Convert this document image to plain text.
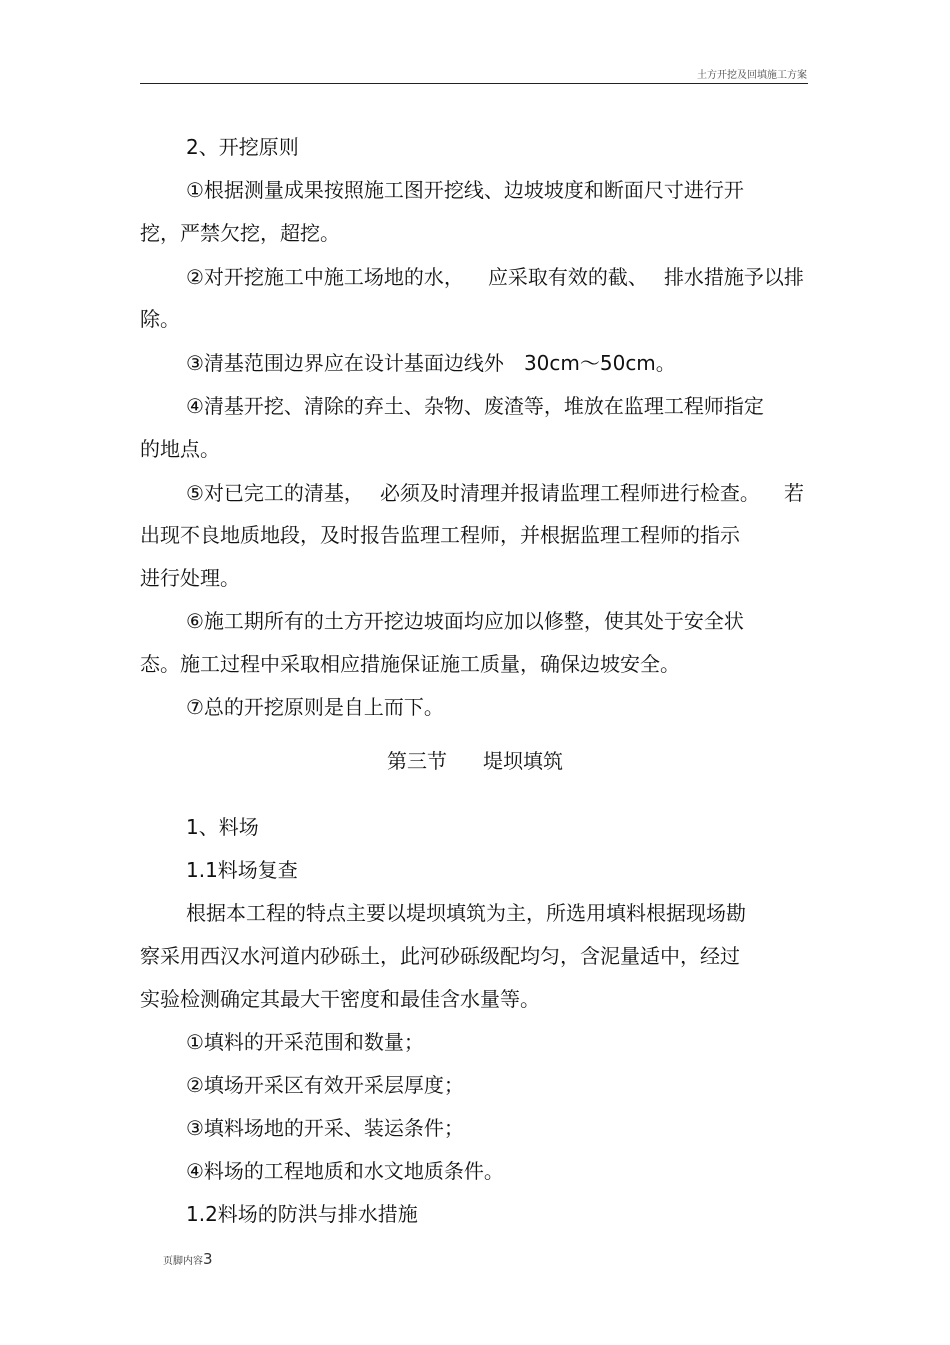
土方开挖及回填施工方案
2、开挖原则
①根据测量成果按照施工图开挖线、边坡坡度和断面尺寸进行开
挖，严禁欠挖，超挖。
②对开挖施工中施工场地的水， 应采取有效的截、 排水措施予以排
除。
③清基范围边界应在设计基面边线外 30cm～50cm。
④清基开挖、清除的弃土、杂物、废渣等，堆放在监理工程师指定
的地点。
⑤对已完工的清基， 必须及时清理并报请监理工程师进行检查。 若
出现不良地质地段，及时报告监理工程师，并根据监理工程师的指示
进行处理。
⑥施工期所有的土方开挖边坡面均应加以修整，使其处于安全状
态。施工过程中采取相应措施保证施工质量，确保边坡安全。
⑦总的开挖原则是自上而下。
第三节 堤坝填筑
1、料场
1.1料场复查
根据本工程的特点主要以堤坝填筑为主，所选用填料根据现场勘
察采用西汉水河道内砂砾土，此河砂砾级配均匀，含泥量适中，经过
实验检测确定其最大干密度和最佳含水量等。
①填料的开采范围和数量；
②填场开采区有效开采层厚度；
③填料场地的开采、装运条件；
④料场的工程地质和水文地质条件。
1.2料场的防洪与排水措施
页脚内容3
